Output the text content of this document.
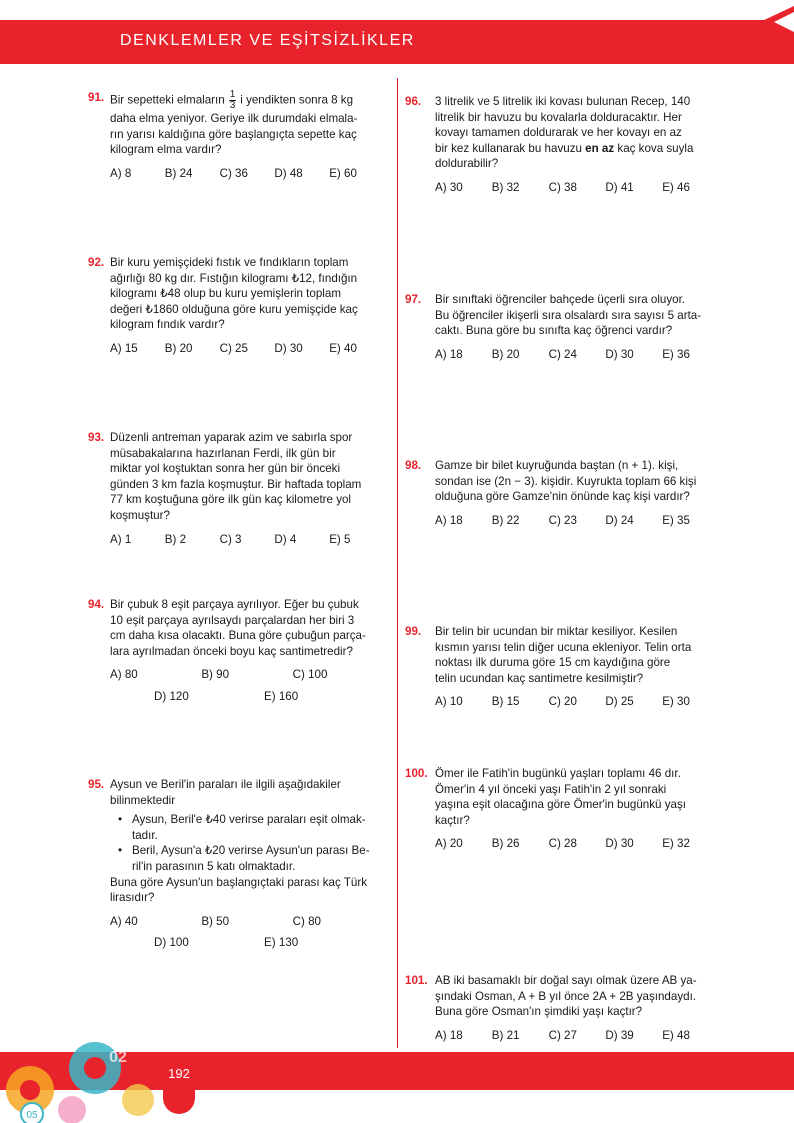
DENKLEMLER VE EŞİTSİZLİKLER
91. Bir sepetteki elmaların $\frac{1}{3}$ i yendikten sonra 8 kg
daha elma yeniyor. Geriye ilk durumdaki elmala-
rın yarısı kaldığına göre başlangıçta sepette kaç
kilogram elma vardır?
A) 8	B) 24	C) 36	D) 48	E) 60
92. Bir kuru yemişçideki fıstık ve fındıkların toplam
ağırlığı 80 kg dır. Fıstığın kilogramı ₺12, fındığın
kilogramı ₺48 olup bu kuru yemişlerin toplam
değeri ₺1860 olduğuna göre kuru yemişçide kaç
kilogram fındık vardır?
A) 15	B) 20	C) 25	D) 30	E) 40
93. Düzenli antreman yaparak azim ve sabırla spor
müsabakalarına hazırlanan Ferdi, ilk gün bir
miktar yol koştuktan sonra her gün bir önceki
günden 3 km fazla koşmuştur. Bir haftada toplam
77 km koştuğuna göre ilk gün kaç kilometre yol
koşmuştur?
A) 1	B) 2	C) 3	D) 4	E) 5
94. Bir çubuk 8 eşit parçaya ayrılıyor. Eğer bu çubuk
10 eşit parçaya ayrılsaydı parçalardan her biri 3
cm daha kısa olacaktı. Buna göre çubuğun parça-
lara ayrılmadan önceki boyu kaç santimetredir?
A) 80	B) 90	C) 100
D) 120	E) 160
95. Aysun ve Beril'in paraları ile ilgili aşağıdakiler
bilinmektedir
• Aysun, Beril'e ₺40 verirse paraları eşit olmak-
tadır.
• Beril, Aysun'a ₺20 verirse Aysun'un parası Be-
ril'in parasının 5 katı olmaktadır.
Buna göre Aysun'un başlangıçtaki parası kaç Türk
lirasıdır?
A) 40	B) 50	C) 80
D) 100	E) 130
96.	3 litrelik ve 5 litrelik iki kovası bulunan Recep, 140
litrelik bir havuzu bu kovalarla dolduracaktır. Her
kovayı tamamen doldurarak ve her kovayı en az
bir kez kullanarak bu havuzu en az kaç kova suyla
doldurabilir?
A) 30	B) 32	C) 38	D) 41	E) 46
97.	Bir sınıftaki öğrenciler bahçede üçerli sıra oluyor.
Bu öğrenciler ikişerli sıra olsalardı sıra sayısı 5 arta-
caktı. Buna göre bu sınıfta kaç öğrenci vardır?
A) 18	B) 20	C) 24	D) 30	E) 36
98.	Gamze bir bilet kuyruğunda baştan (n + 1). kişi,
sondan ise (2n − 3). kişidir. Kuyrukta toplam 66 kişi
olduğuna göre Gamze'nin önünde kaç kişi vardır?
A) 18	B) 22	C) 23	D) 24	E) 35
99.	Bir telin bir ucundan bir miktar kesiliyor. Kesilen
kısmın yarısı telin diğer ucuna ekleniyor. Telin orta
noktası ilk duruma göre 15 cm kaydığına göre
telin ucundan kaç santimetre kesilmiştir?
A) 10	B) 15	C) 20	D) 25	E) 30
100. Ömer ile Fatih'in bugünkü yaşları toplamı 46 dır.
Ömer'in 4 yıl önceki yaşı Fatih'in 2 yıl sonraki
yaşına eşit olacağına göre Ömer'in bugünkü yaşı
kaçtır?
A) 20	B) 26	C) 28	D) 30	E) 32
101. AB iki basamaklı bir doğal sayı olmak üzere AB ya-
şındaki Osman, A + B yıl önce 2A + 2B yaşındaydı.
Buna göre Osman'ın şimdiki yaşı kaçtır?
A) 18	B) 21	C) 27	D) 39	E) 48
05
02
192
